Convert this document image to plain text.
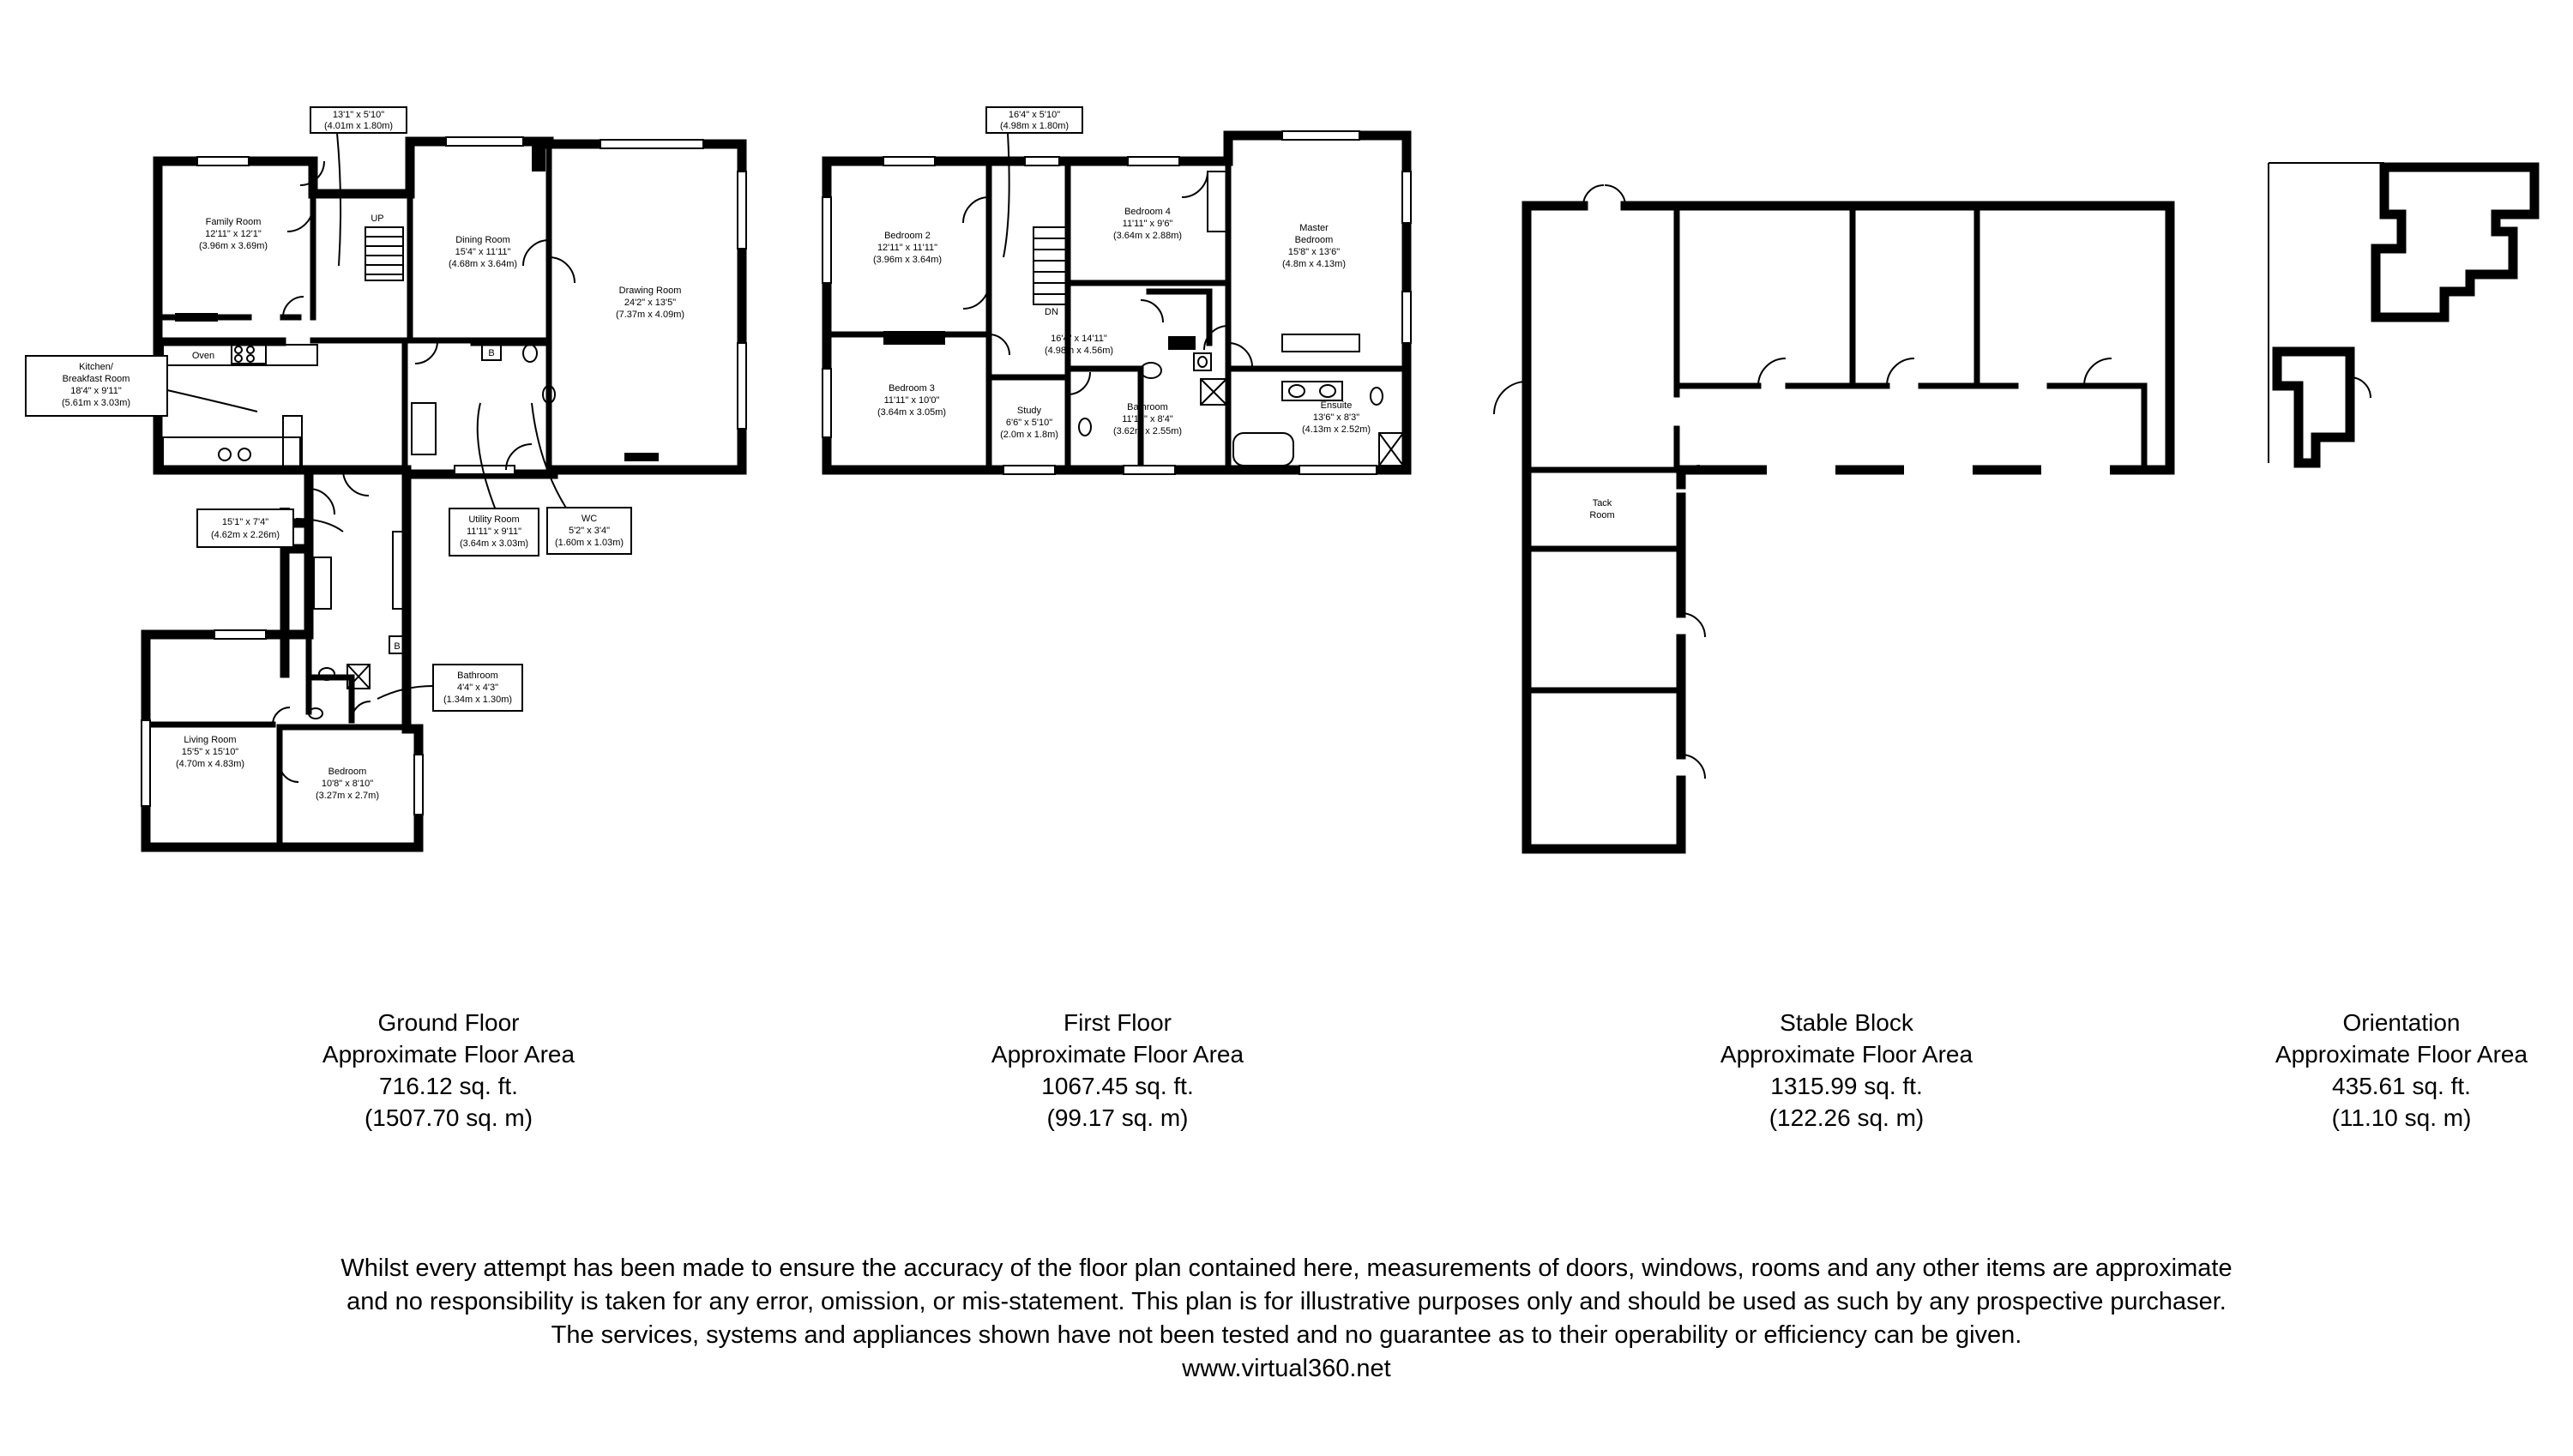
13'1" x 5'10"
(4.01m x 1.80m)
Family Room
12'11" x 12'1"
(3.96m x 3.69m)
UP
Dining Room
15'4" x 11'11"
(4.68m x 3.64m)
Drawing Room
24'2" x 13'5"
(7.37m x 4.09m)
Oven	B
Kitchen/
Breakfast Room
18'4" x 9'11"
(5.61m x 3.03m)
15'1" x 7'4"
(4.62m x 2.26m)
Utility Room
11'11" x 9'11"
(3.64m x 3.03m)
WC
5'2" x 3'4"
(1.60m x 1.03m)
B
Bathroom
4'4" x 4'3"
(1.34m x 1.30m)
Living Room
15'5" x 15'10"
(4.70m x 4.83m)
Bedroom
10'8" x 8'10"
(3.27m x 2.7m)
16'4" x 5'10"
(4.98m x 1.80m)
Bedroom 2
12'11" x 11'11"
(3.96m x 3.64m)
Bedroom 3
11'11" x 10'0"
(3.64m x 3.05m)
Bedroom 4
11'11" x 9'6"
(3.64m x 2.88m)
Master
Bedroom
15'8" x 13'6"
(4.8m x 4.13m)
DN
16'4" x 14'11"
(4.98m x 4.56m)
Study
6'6" x 5'10"
(2.0m x 1.8m)
Bathroom
11'10" x 8'4"
(3.62m x 2.55m)
Ensuite
13'6" x 8'3"
(4.13m x 2.52m)
Tack
Room
Ground Floor
Approximate Floor Area
716.12 sq. ft.
(1507.70 sq. m)
First Floor
Approximate Floor Area
1067.45 sq. ft.
(99.17 sq. m)
Stable Block
Approximate Floor Area
1315.99 sq. ft.
(122.26 sq. m)
Orientation
Approximate Floor Area
435.61 sq. ft.
(11.10 sq. m)
Whilst every attempt has been made to ensure the accuracy of the floor plan contained here, measurements of doors, windows, rooms and any other items are approximate
and no responsibility is taken for any error, omission, or mis-statement. This plan is for illustrative purposes only and should be used as such by any prospective purchaser.
The services, systems and appliances shown have not been tested and no guarantee as to their operability or efficiency can be given.
www.virtual360.net
